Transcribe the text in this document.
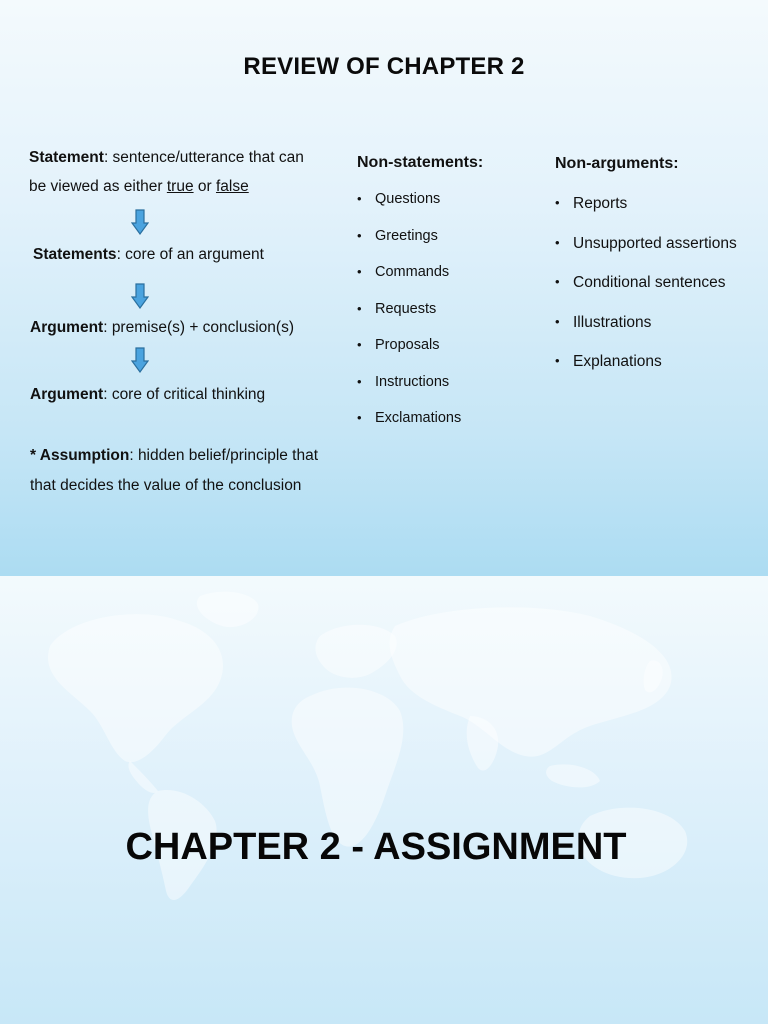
REVIEW OF CHAPTER 2
Statement: sentence/utterance that can
be viewed as either true or false
Statements: core of an argument
Argument: premise(s) + conclusion(s)
Argument: core of critical thinking
* Assumption: hidden belief/principle that
that decides the value of the conclusion
Non-statements:
• Questions
• Greetings
• Commands
• Requests
• Proposals
• Instructions
• Exclamations
Non-arguments:
• Reports
• Unsupported assertions
• Conditional sentences
• Illustrations
• Explanations
CHAPTER 2 - ASSIGNMENT
